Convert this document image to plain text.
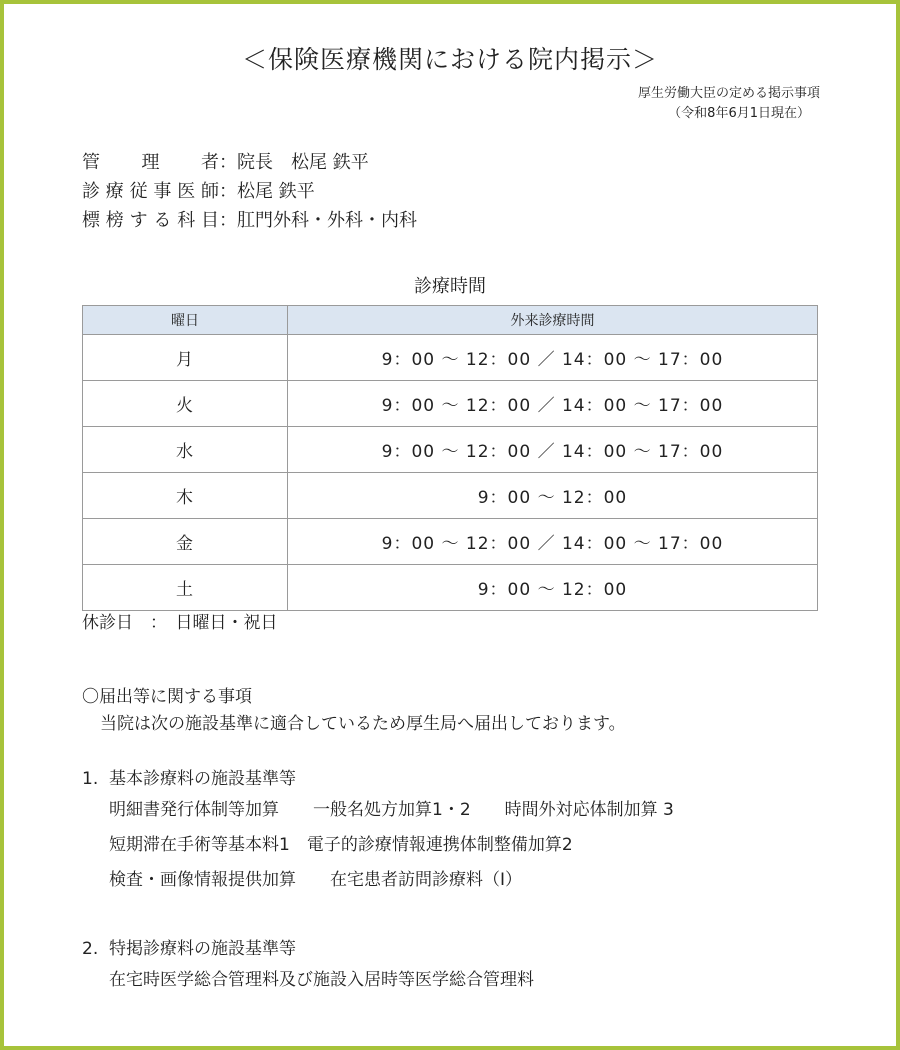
＜保険医療機関における院内掲示＞
厚生労働大臣の定める掲示事項
（令和8年6月1日現在）
管理者 ： 院長　松尾 鉄平
診療従事医師 ： 松尾 鉄平
標榜する科目 ： 肛門外科・外科・内科
診療時間
曜日	外来診療時間
月	9：00 ～ 12：00 ／ 14：00 ～ 17：00
火	9：00 ～ 12：00 ／ 14：00 ～ 17：00
水	9：00 ～ 12：00 ／ 14：00 ～ 17：00
木	9：00 ～ 12：00
金	9：00 ～ 12：00 ／ 14：00 ～ 17：00
土	9：00 ～ 12：00
休診日　：　日曜日・祝日
〇届出等に関する事項
当院は次の施設基準に適合しているため厚生局へ届出しております。
1. 基本診療料の施設基準等
明細書発行体制等加算　　一般名処方加算1・2　　時間外対応体制加算 3
短期滞在手術等基本料1　電子的診療情報連携体制整備加算2
検査・画像情報提供加算　　在宅患者訪問診療料（Ⅰ）
2. 特掲診療料の施設基準等
在宅時医学総合管理料及び施設入居時等医学総合管理料
